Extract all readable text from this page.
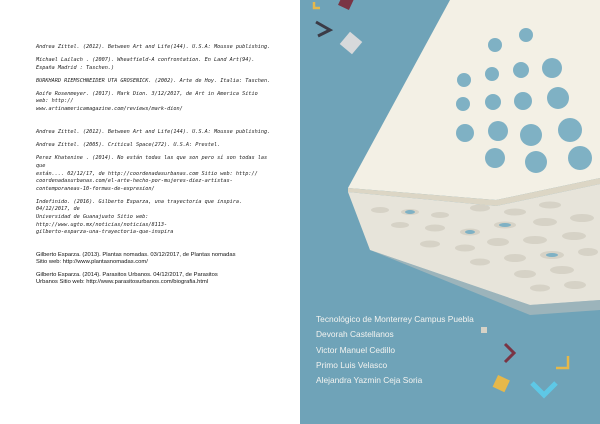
Andrea Zittel. (2012). Between Art and Life(144). U.S.A: Mousse publishing.

Michael Lailach . (2007). Wheatfield-A confrontation. En Land Art(94). España Madrid : Taschen.)

BURKHARD RIEMSCHNEIDER UTA GROSENICK. (2002). Arte de Hoy. Italia: Taschen.

Aoife Rosenmeyer. (2017). Mark Dion. 3/12/2017, de Art in America Sitio web: http://
www.artinamericamagazine.com/reviews/mark-dion/

Andrea Zittel. (2012). Between Art and Life(144). U.S.A: Mousse publishing.

Andrea Zittel. (2005). Critical Space(272). U.S.A: Prestel.

Perez Khatenine . (2014). No están todas las que son pero sí son todas las que
están.... 02/12/17, de http://coordenadasurbanas.com Sitio web: http://
coordenadasurbanas.com/el-arte-hecho-por-mujeres-diez-artistas-
contemporaneas-10-formas-de-expresion/

Indefinido. (2016). Gilberto Esparza, una trayectoria que inspira. 04/12/2017, de
Universidad de Guanajuato Sitio web: http://www.ugto.mx/noticias/noticias/8113-
gilberto-esparza-una-trayectoria-que-inspira

Gilberto Esparza. (2013). Plantas nomadas. 03/12/2017, de Plantas nomadas
Sitio web: http://www.plantasnomadas.com/

Gilberto Esparza. (2014). Parasitos Urbanos. 04/12/2017, de Parasitos
Urbanos Sitio web: http://www.parasitosurbanos.com/biografia.html

Tecnológico de Monterrey Campus Puebla
Devorah Castellanos
Victor Manuel Cedillo
Primo Luis Velasco
Alejandra Yazmin Ceja Soria
